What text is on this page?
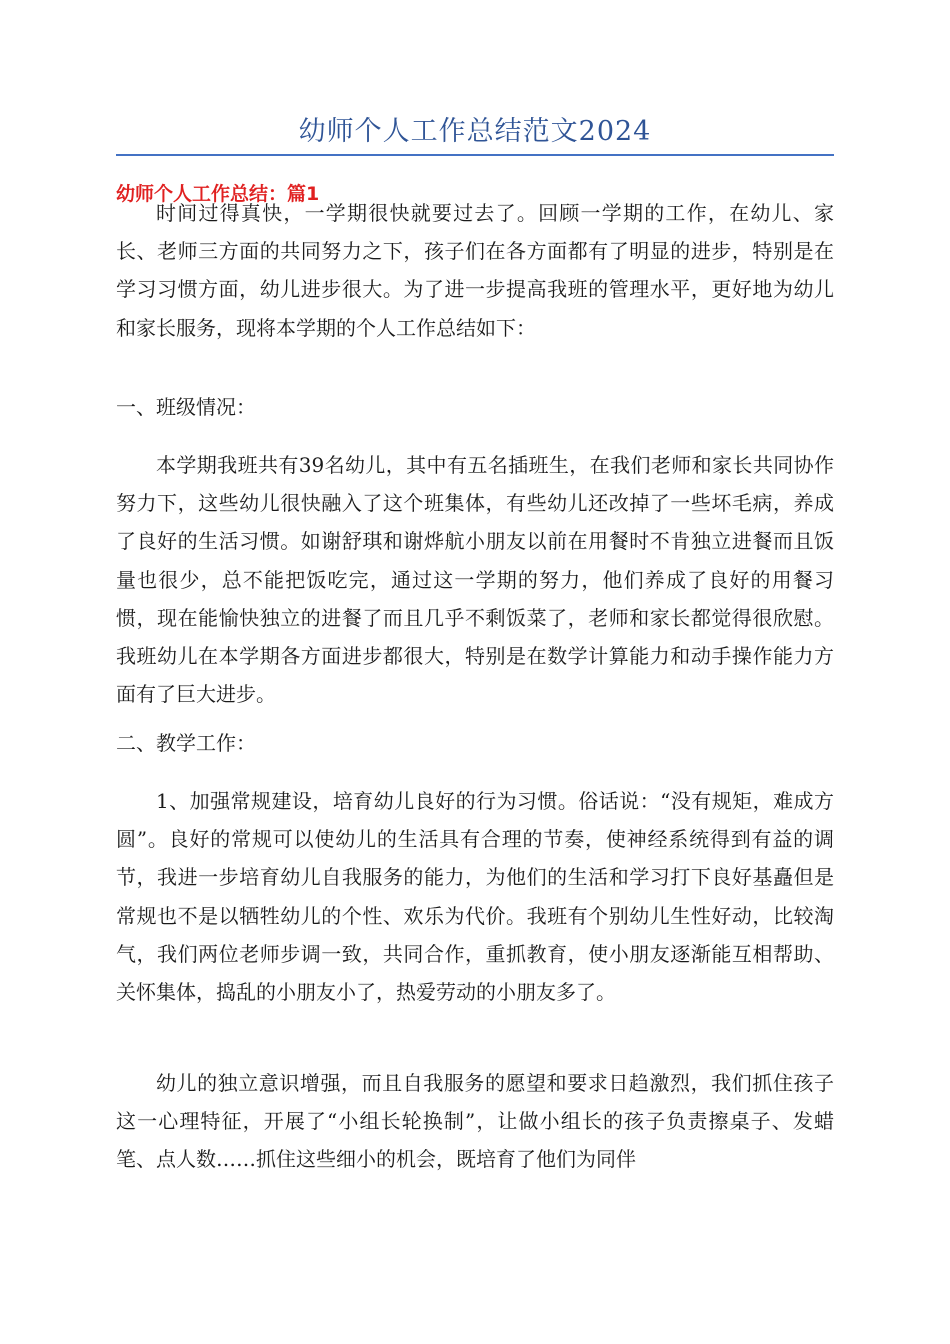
幼师个人工作总结范文2024
幼师个人工作总结：篇1

时间过得真快，一学期很快就要过去了。回顾一学期的工作，在幼儿、家长、老师三方面的共同努力之下，孩子们在各方面都有了明显的进步，特别是在学习习惯方面，幼儿进步很大。为了进一步提高我班的管理水平，更好地为幼儿和家长服务，现将本学期的个人工作总结如下：

一、班级情况：

本学期我班共有39名幼儿，其中有五名插班生，在我们老师和家长共同协作努力下，这些幼儿很快融入了这个班集体，有些幼儿还改掉了一些坏毛病，养成了良好的生活习惯。如谢舒琪和谢烨航小朋友以前在用餐时不肯独立进餐而且饭量也很少，总不能把饭吃完，通过这一学期的努力，他们养成了良好的用餐习惯，现在能愉快独立的进餐了而且几乎不剩饭菜了，老师和家长都觉得很欣慰。我班幼儿在本学期各方面进步都很大，特别是在数学计算能力和动手操作能力方面有了巨大进步。

二、教学工作：

1、加强常规建设，培育幼儿良好的行为习惯。俗话说：“没有规矩，难成方圆”。良好的常规可以使幼儿的生活具有合理的节奏，使神经系统得到有益的调节，我进一步培育幼儿自我服务的能力，为他们的生活和学习打下良好基矗但是常规也不是以牺牲幼儿的个性、欢乐为代价。我班有个别幼儿生性好动，比较淘气，我们两位老师步调一致，共同合作，重抓教育，使小朋友逐渐能互相帮助、关怀集体，捣乱的小朋友小了，热爱劳动的小朋友多了。

幼儿的独立意识增强，而且自我服务的愿望和要求日趋激烈，我们抓住孩子这一心理特征，开展了“小组长轮换制”，让做小组长的孩子负责擦桌子、发蜡笔、点人数……抓住这些细小的机会，既培育了他们为同伴
